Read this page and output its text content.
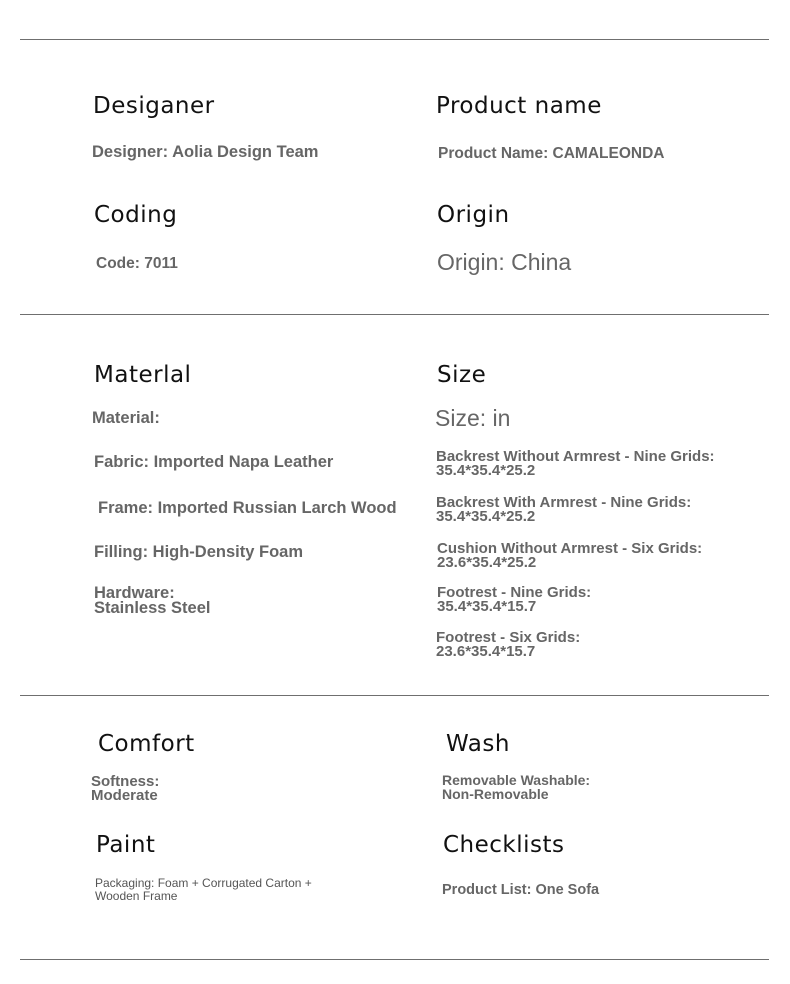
Desiganer

Designer: Aolia Design Team

Product name

Product Name: CAMALEONDA

Coding

Code: 7011

Origin

Origin: China

Materlal

Material:

Fabric: Imported Napa Leather

Frame: Imported Russian Larch Wood

Filling: High-Density Foam

Hardware:
Stainless Steel

Size

Size: in

Backrest Without Armrest - Nine Grids:
35.4*35.4*25.2

Backrest With Armrest - Nine Grids:
35.4*35.4*25.2

Cushion Without Armrest - Six Grids:
23.6*35.4*25.2

Footrest - Nine Grids:
35.4*35.4*15.7

Footrest - Six Grids:
23.6*35.4*15.7

Comfort

Softness:
Moderate

Wash

Removable Washable:
Non-Removable

Paint

Packaging: Foam + Corrugated Carton +
Wooden Frame

Checklists

Product List: One Sofa
